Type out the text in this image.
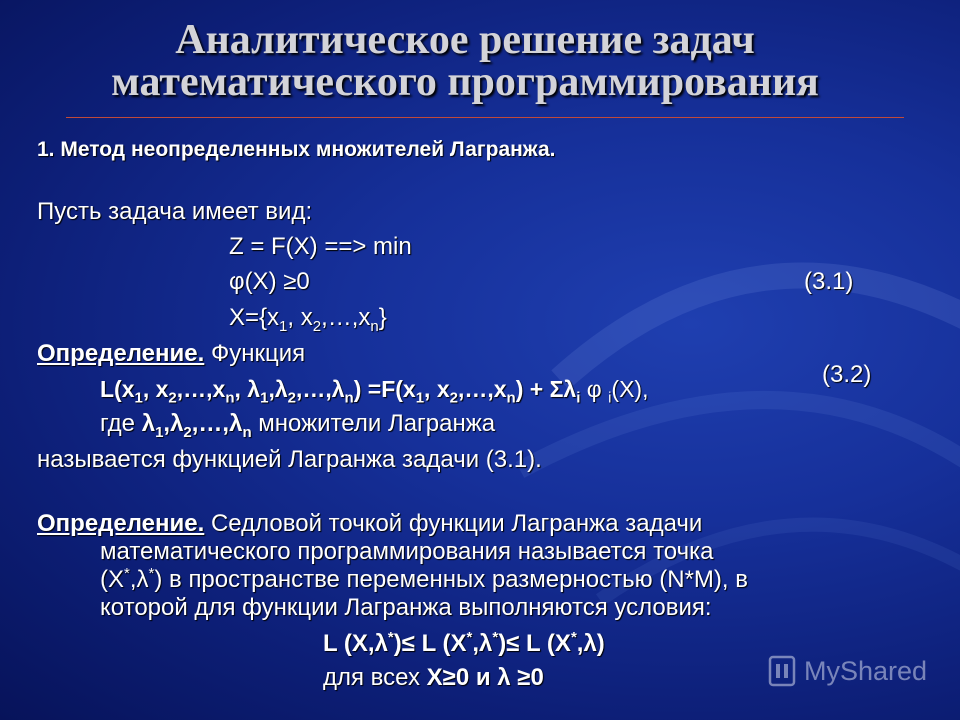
Аналитическое решение задач
математического программирования
1. Метод неопределенных множителей Лагранжа.
Пусть задача имеет вид:
Z = F(X) ==> min
φ(X) ≥0	(3.1)
$X=\{x_1$, $x_2,\dots,x_n$}
Определение. Функция
(3.2)
$L(x_1$, $x_2,\dots,x_n$, $\lambda_1,\lambda_2,\dots,\lambda_n) =F(x_1$, $x_2,\dots,x_n) + \Sigma\lambda_i$ φ $_i$(X),
где $\lambda_1,\lambda_2,\dots,\lambda_n$ множители Лагранжа
называется функцией Лагранжа задачи (3.1).
Определение. Седловой точкой функции Лагранжа задачи
математического программирования называется точка
(X*,λ*) в пространстве переменных размерностью (N*M), в
которой для функции Лагранжа выполняются условия:
L (X,λ*)≤ L (X*,λ*)≤ L (X*,λ)
для всех X≥0 и λ ≥0	MyShared
